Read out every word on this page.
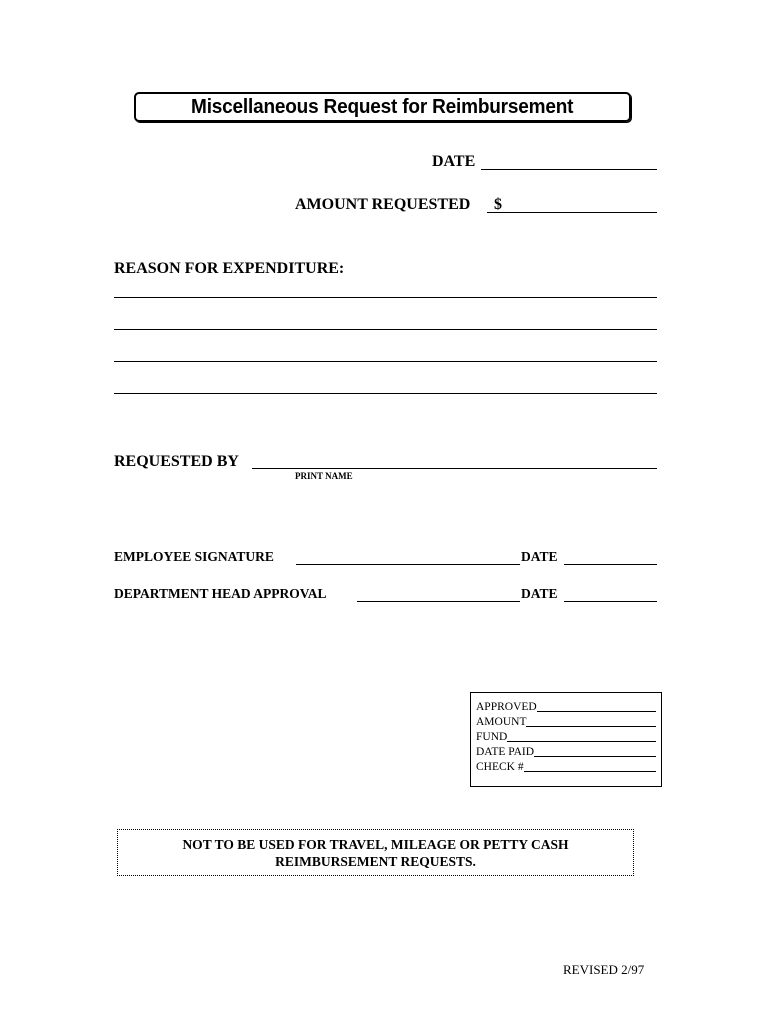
Miscellaneous Request for Reimbursement
DATE
AMOUNT REQUESTED $
REASON FOR EXPENDITURE:
REQUESTED BY
PRINT NAME
EMPLOYEE SIGNATURE	DATE
DEPARTMENT HEAD APPROVAL	DATE
APPROVED
AMOUNT
FUND
DATE PAID
CHECK #
NOT TO BE USED FOR TRAVEL, MILEAGE OR PETTY CASH
REIMBURSEMENT REQUESTS.
REVISED 2/97
